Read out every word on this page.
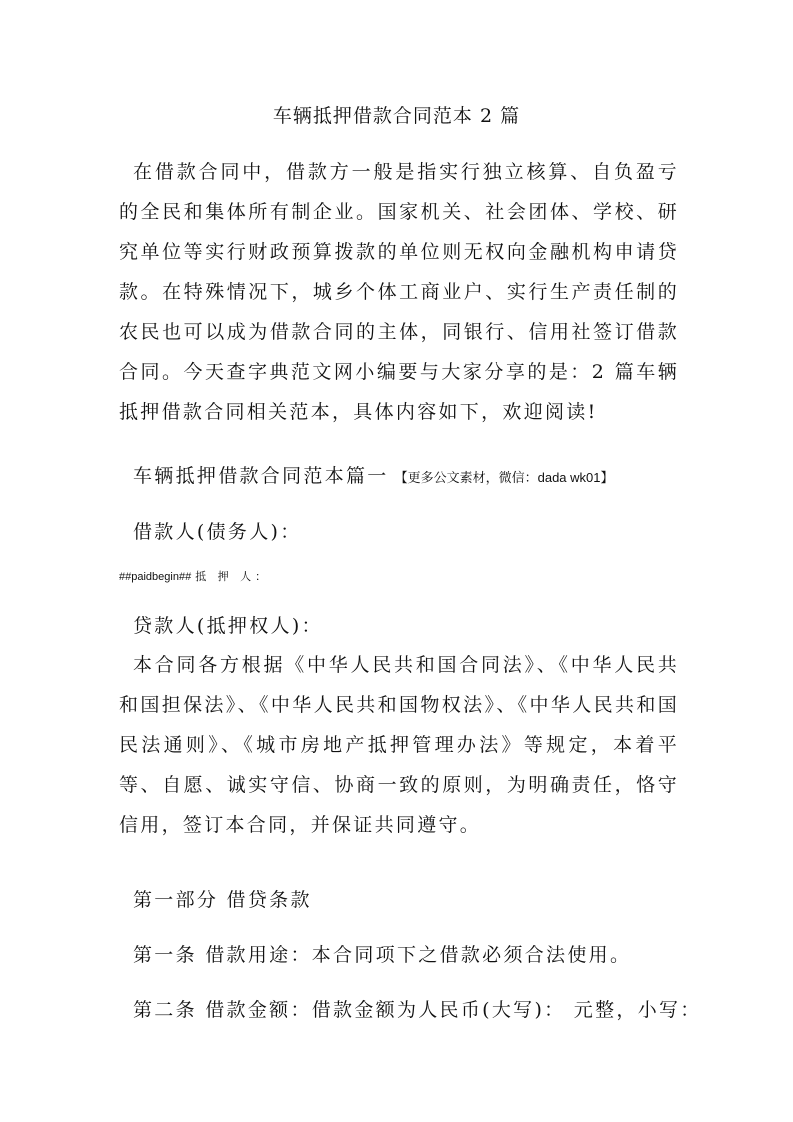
车辆抵押借款合同范本 2 篇
在借款合同中，借款方一般是指实行独立核算、自负盈亏的全民和集体所有制企业。国家机关、社会团体、学校、研究单位等实行财政预算拨款的单位则无权向金融机构申请贷款。在特殊情况下，城乡个体工商业户、实行生产责任制的农民也可以成为借款合同的主体，同银行、信用社签订借款合同。今天查字典范文网小编要与大家分享的是：2 篇车辆抵押借款合同相关范本，具体内容如下，欢迎阅读!
车辆抵押借款合同范本篇一 【更多公文素材，微信：dada wk01】
借款人(债务人)：
##paidbegin## 抵 押 人：
贷款人(抵押权人)：
本合同各方根据《中华人民共和国合同法》、《中华人民共和国担保法》、《中华人民共和国物权法》、《中华人民共和国民法通则》、《城市房地产抵押管理办法》等规定，本着平等、自愿、诚实守信、协商一致的原则，为明确责任，恪守信用，签订本合同，并保证共同遵守。
第一部分 借贷条款
第一条 借款用途：本合同项下之借款必须合法使用。
第二条 借款金额：借款金额为人民币(大写)： 元整，小写：
